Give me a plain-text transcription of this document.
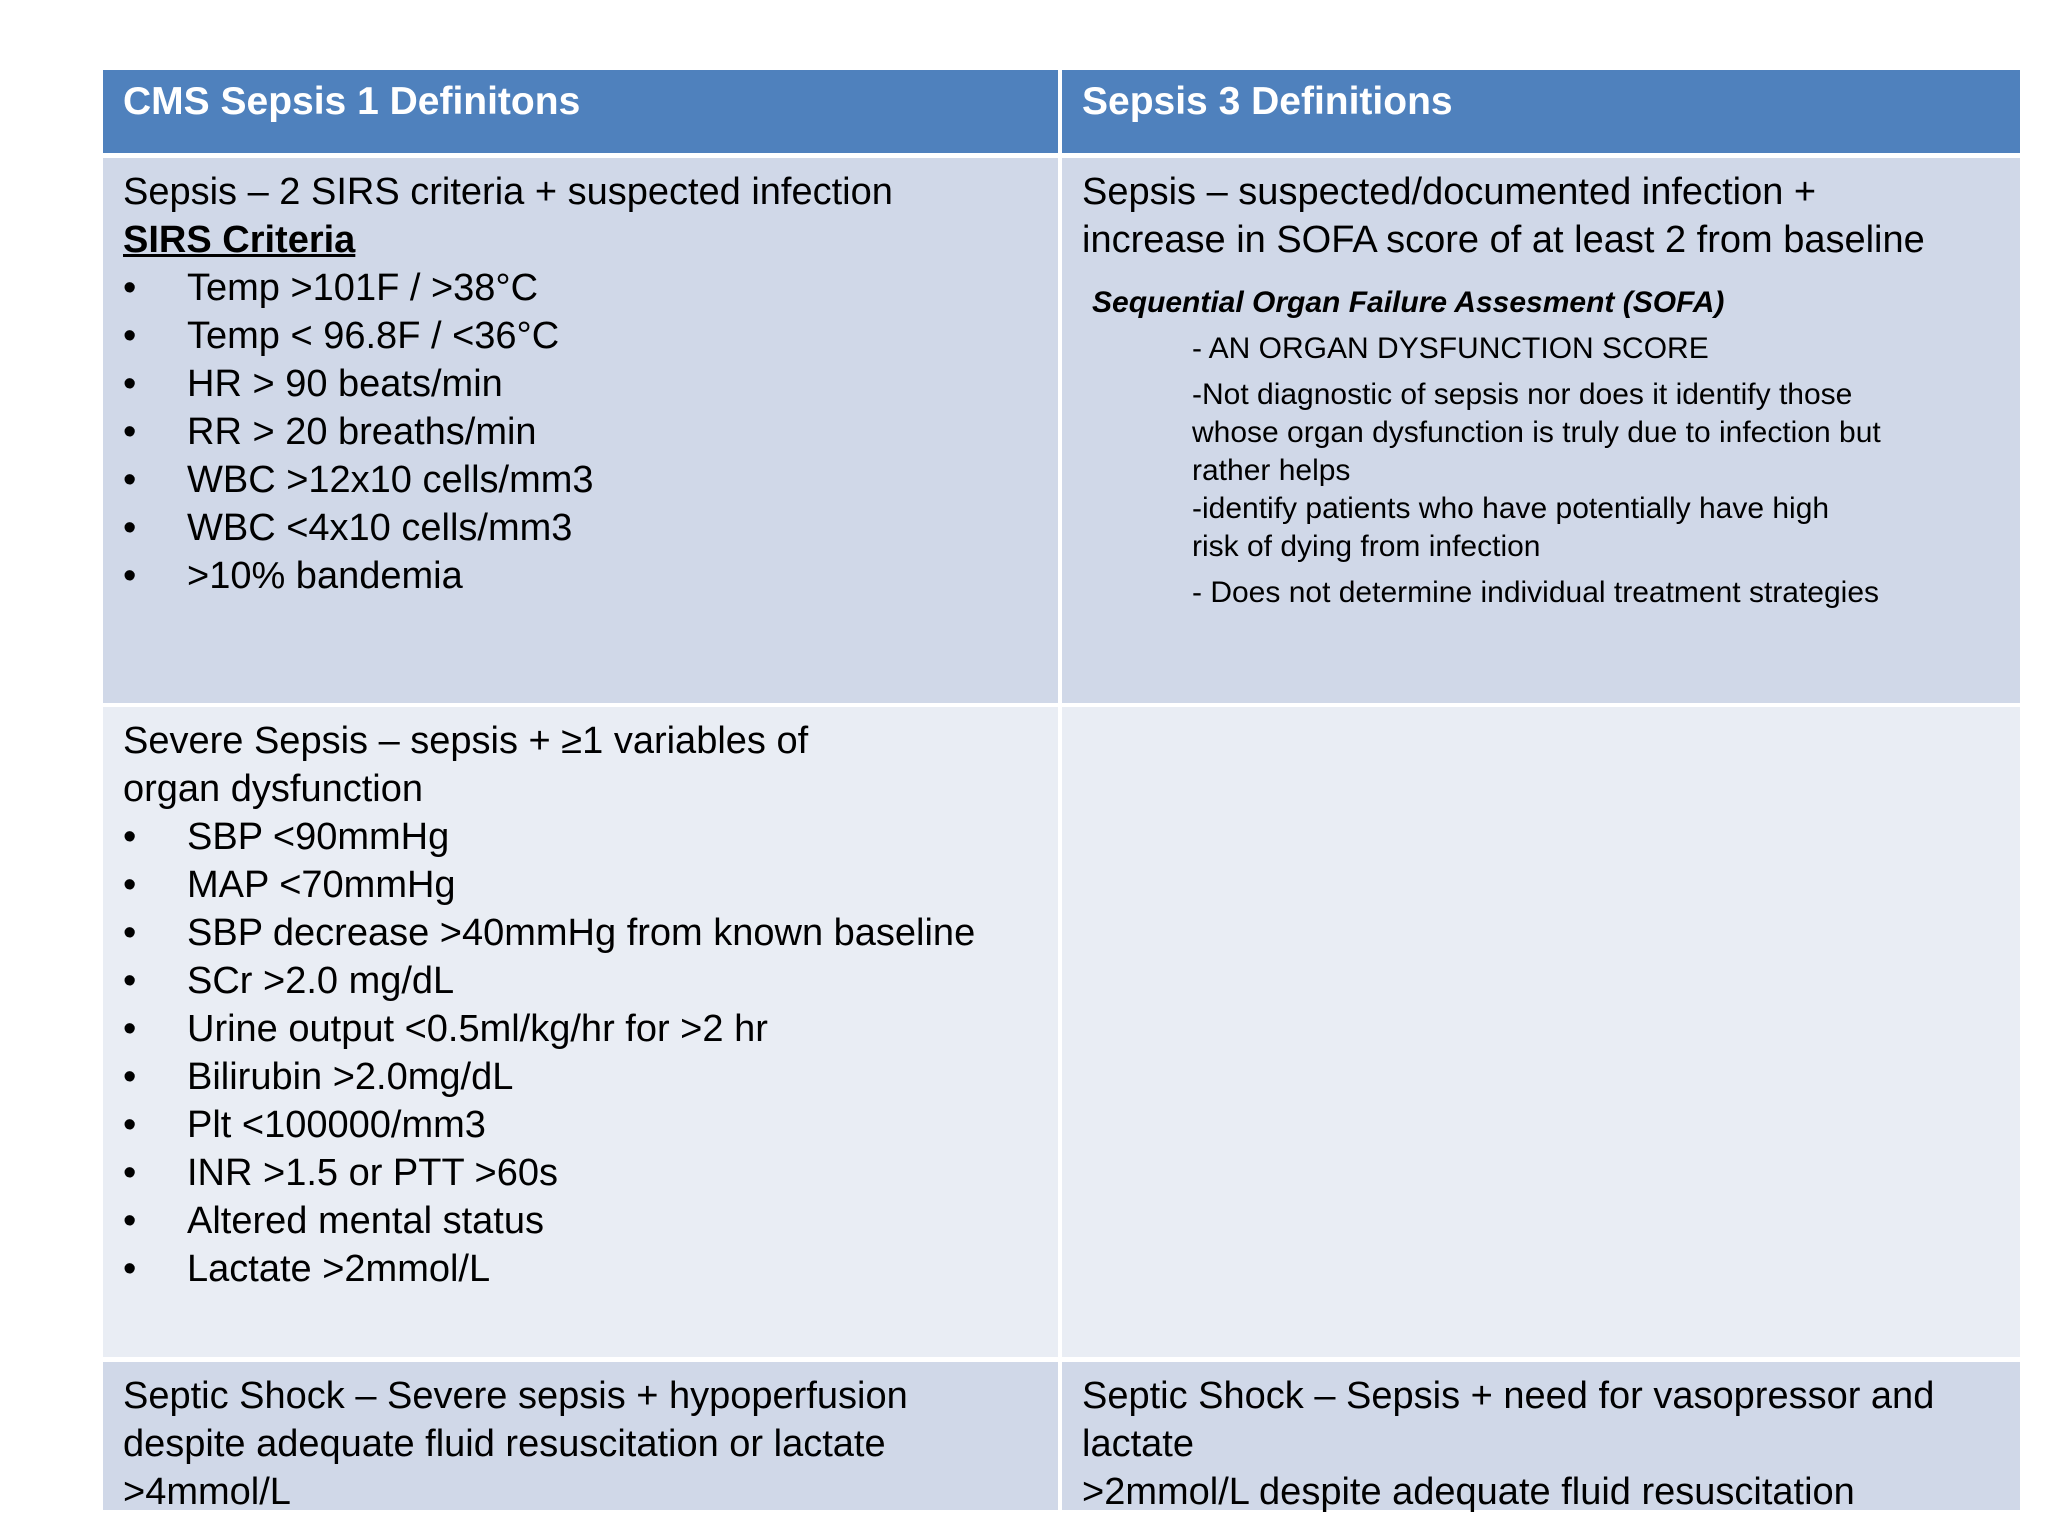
CMS Sepsis 1 Definitons	Sepsis 3 Definitions
Sepsis – 2 SIRS criteria + suspected infection
SIRS Criteria
• Temp >101F / >38°C
• Temp < 96.8F / <36°C
• HR > 90 beats/min
• RR > 20 breaths/min
• WBC >12x10 cells/mm3
• WBC <4x10 cells/mm3
• >10% bandemia
Sepsis – suspected/documented infection +
increase in SOFA score of at least 2 from baseline
Sequential Organ Failure Assesment (SOFA)
- AN ORGAN DYSFUNCTION SCORE
-Not diagnostic of sepsis nor does it identify those
whose organ dysfunction is truly due to infection but
rather helps
-identify patients who have potentially have high
risk of dying from infection
- Does not determine individual treatment strategies
Severe Sepsis – sepsis + ≥1 variables of
organ dysfunction
• SBP <90mmHg
• MAP <70mmHg
• SBP decrease >40mmHg from known baseline
• SCr >2.0 mg/dL
• Urine output <0.5ml/kg/hr for >2 hr
• Bilirubin >2.0mg/dL
• Plt <100000/mm3
• INR >1.5 or PTT >60s
• Altered mental status
• Lactate >2mmol/L
Septic Shock – Severe sepsis + hypoperfusion
despite adequate fluid resuscitation or lactate
>4mmol/L
Septic Shock – Sepsis + need for vasopressor and
lactate
>2mmol/L despite adequate fluid resuscitation
